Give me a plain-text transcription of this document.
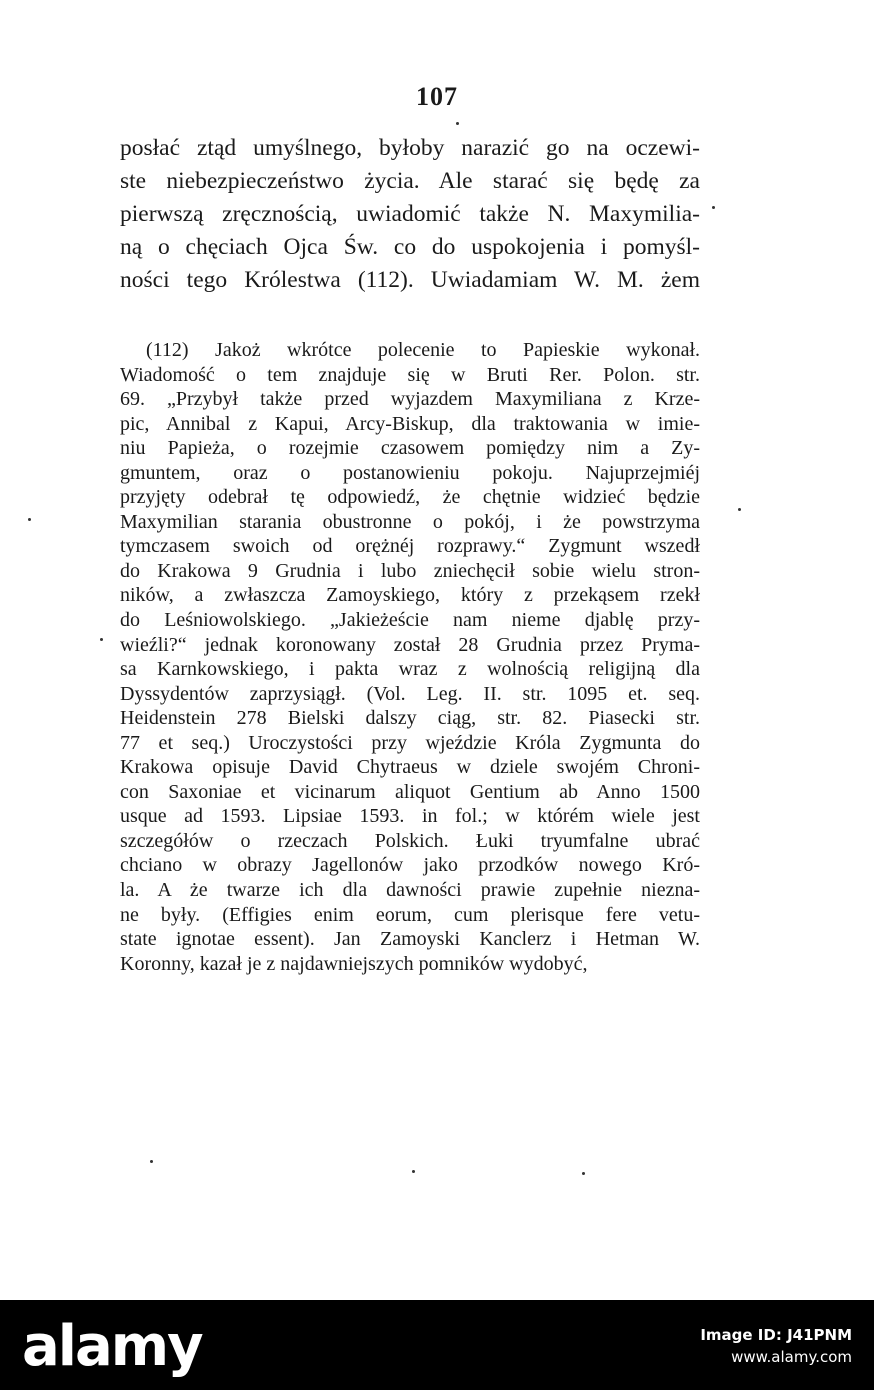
107
posłać ztąd umyślnego, byłoby narazić go na oczewi-
ste niebezpieczeństwo życia. Ale starać się będę za
pierwszą zręcznością, uwiadomić także N. Maxymilia-
ną o chęciach Ojca Św. co do uspokojenia i pomyśl-
ności tego Królestwa (112). Uwiadamiam W. M. żem
(112) Jakoż wkrótce polecenie to Papieskie wykonał.
Wiadomość o tem znajduje się w Bruti Rer. Polon. str.
69. „Przybył także przed wyjazdem Maxymiliana z Krze-
pic, Annibal z Kapui, Arcy-Biskup, dla traktowania w imie-
niu Papieża, o rozejmie czasowem pomiędzy nim a Zy-
gmuntem, oraz o postanowieniu pokoju. Najuprzejmiéj
przyjęty odebrał tę odpowiedź, że chętnie widzieć będzie
Maxymilian starania obustronne o pokój, i że powstrzyma
tymczasem swoich od orężnéj rozprawy.“ Zygmunt wszedł
do Krakowa 9 Grudnia i lubo zniechęcił sobie wielu stron-
ników, a zwłaszcza Zamoyskiego, który z przekąsem rzekł
do Leśniowolskiego. „Jakieżeście nam nieme djablę przy-
wieźli?“ jednak koronowany został 28 Grudnia przez Pryma-
sa Karnkowskiego, i pakta wraz z wolnością religijną dla
Dyssydentów zaprzysiągł. (Vol. Leg. II. str. 1095 et. seq.
Heidenstein 278 Bielski dalszy ciąg, str. 82. Piasecki str.
77 et seq.) Uroczystości przy wjeździe Króla Zygmunta do
Krakowa opisuje David Chytraeus w dziele swojém Chroni-
con Saxoniae et vicinarum aliquot Gentium ab Anno 1500
usque ad 1593. Lipsiae 1593. in fol.; w którém wiele jest
szczegółów o rzeczach Polskich. Łuki tryumfalne ubrać
chciano w obrazy Jagellonów jako przodków nowego Kró-
la. A że twarze ich dla dawności prawie zupełnie niezna-
ne były. (Effigies enim eorum, cum plerisque fere vetu-
state ignotae essent). Jan Zamoyski Kanclerz i Hetman W.
Koronny, kazał je z najdawniejszych pomników wydobyć,
alamy	Image ID: J41PNM
www.alamy.com
